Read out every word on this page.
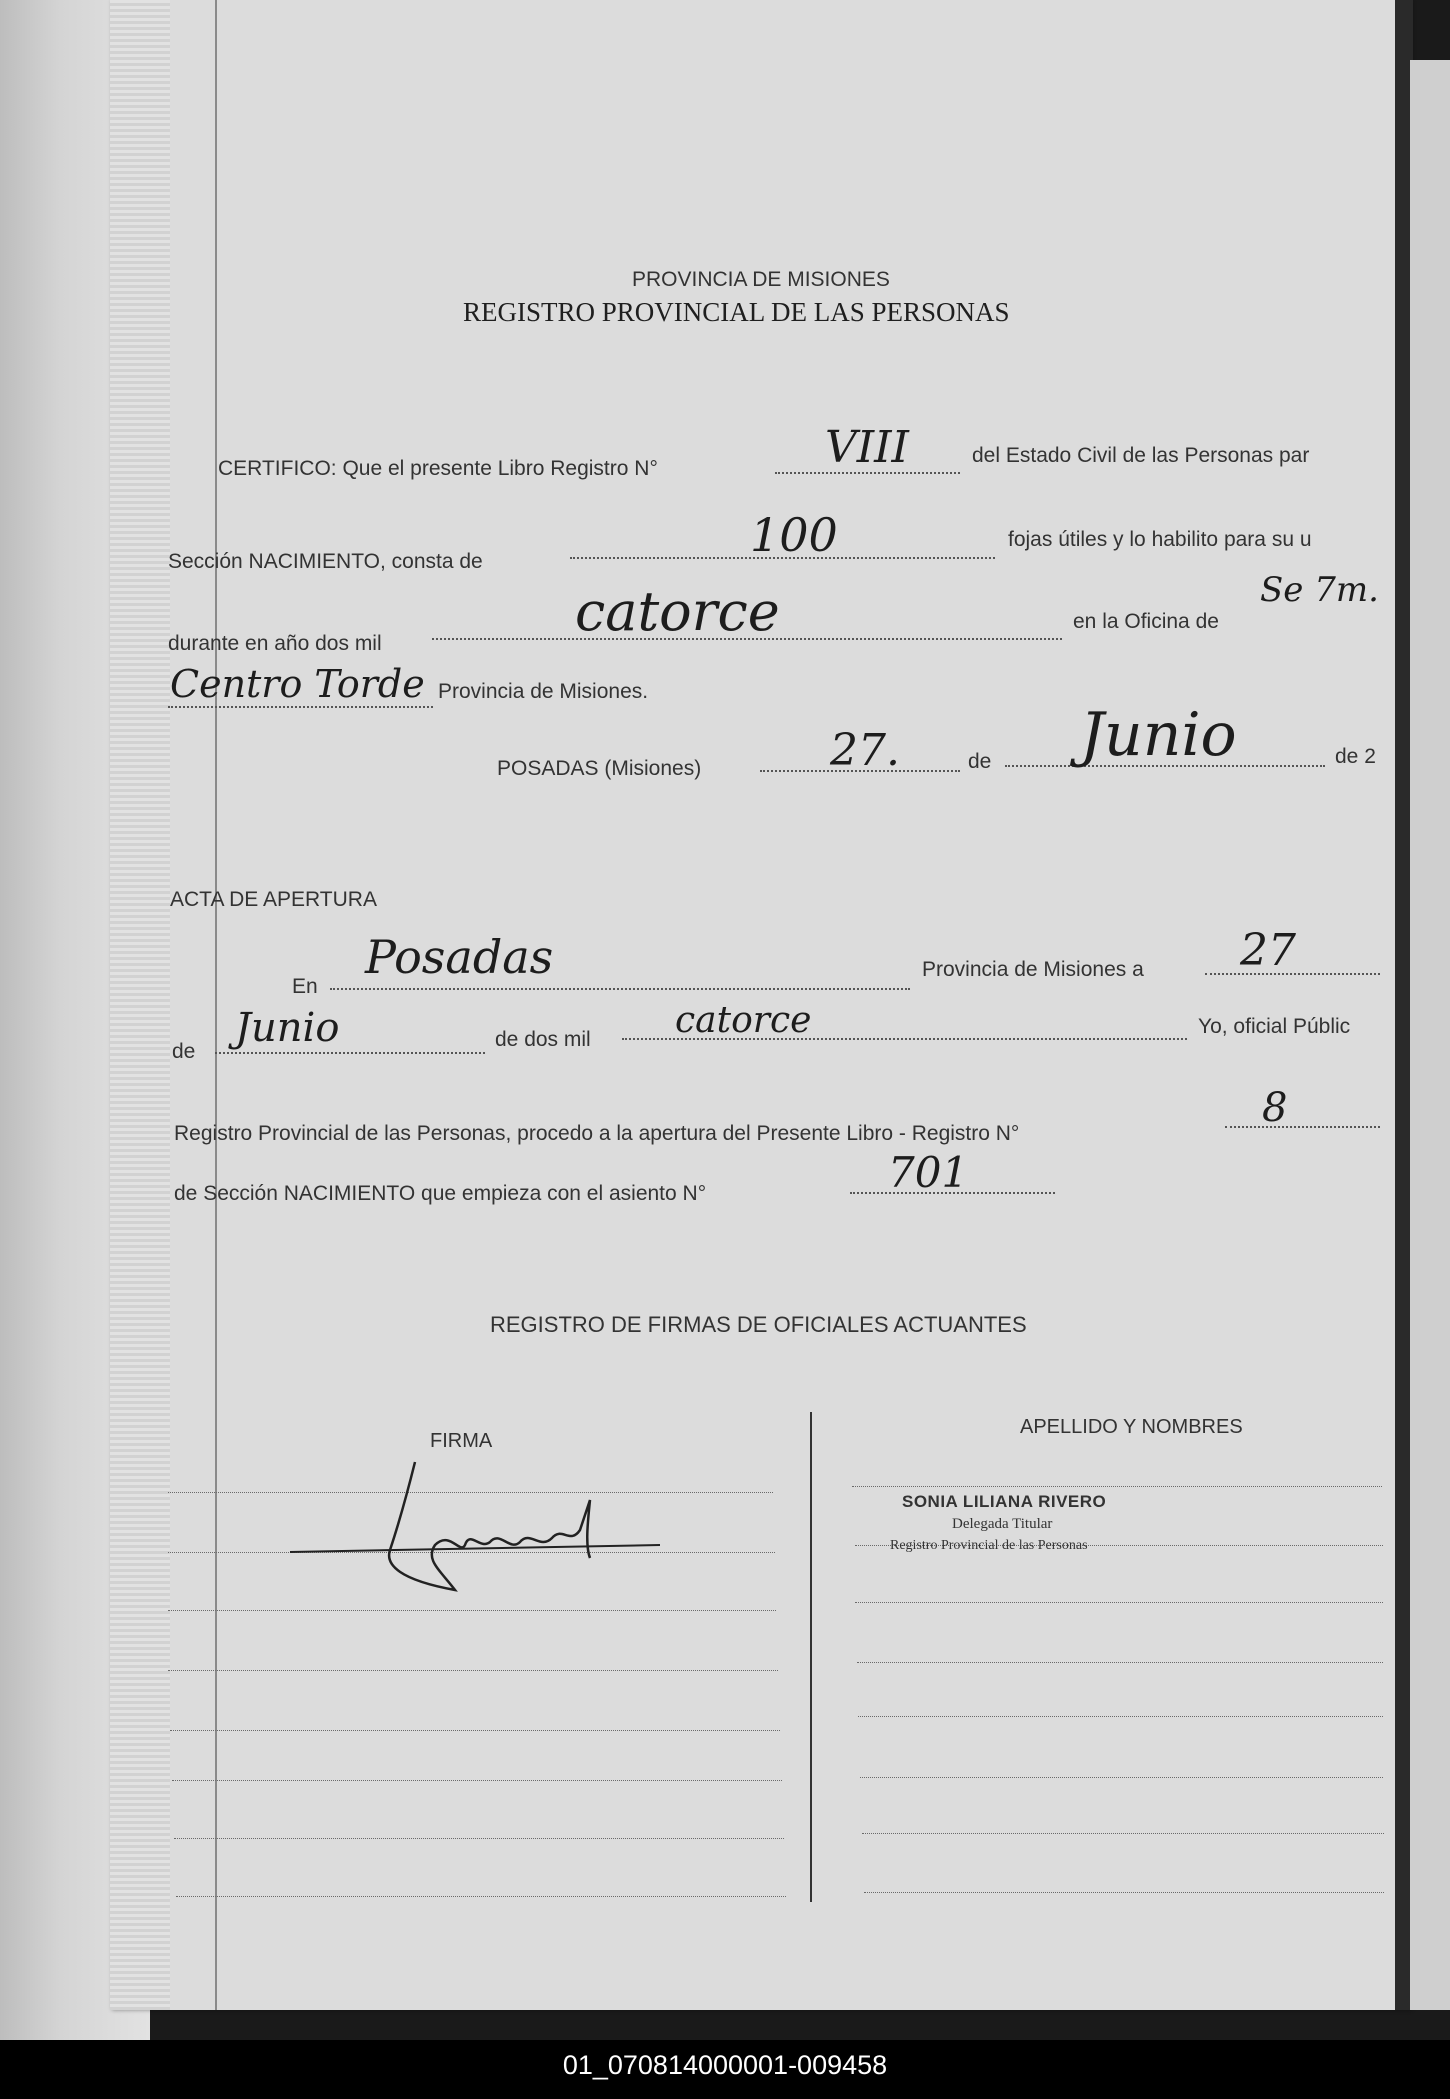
PROVINCIA DE MISIONES
REGISTRO PROVINCIAL DE LAS PERSONAS
CERTIFICO: Que el presente Libro Registro N°	VIII	del Estado Civil de las Personas par
Sección NACIMIENTO, consta de	100	fojas útiles y lo habilito para su u
durante en año dos mil
catorce	en la Oficina de
Se 7m.
Centro Torde Provincia de Misiones.
POSADAS (Misiones)	27.	de Junio	de 2
ACTA DE APERTURA
En
Posadas	Provincia de Misiones a 27
de
Junio	de dos mil catorce	Yo, oficial Públic
Registro Provincial de las Personas, procedo a la apertura del Presente Libro - Registro N°
8
de Sección NACIMIENTO que empieza con el asiento N°	701
REGISTRO DE FIRMAS DE OFICIALES ACTUANTES
FIRMA
APELLIDO Y NOMBRES
SONIA LILIANA RIVERO
Delegada Titular
Registro Provincial de las Personas
01_070814000001-009458
